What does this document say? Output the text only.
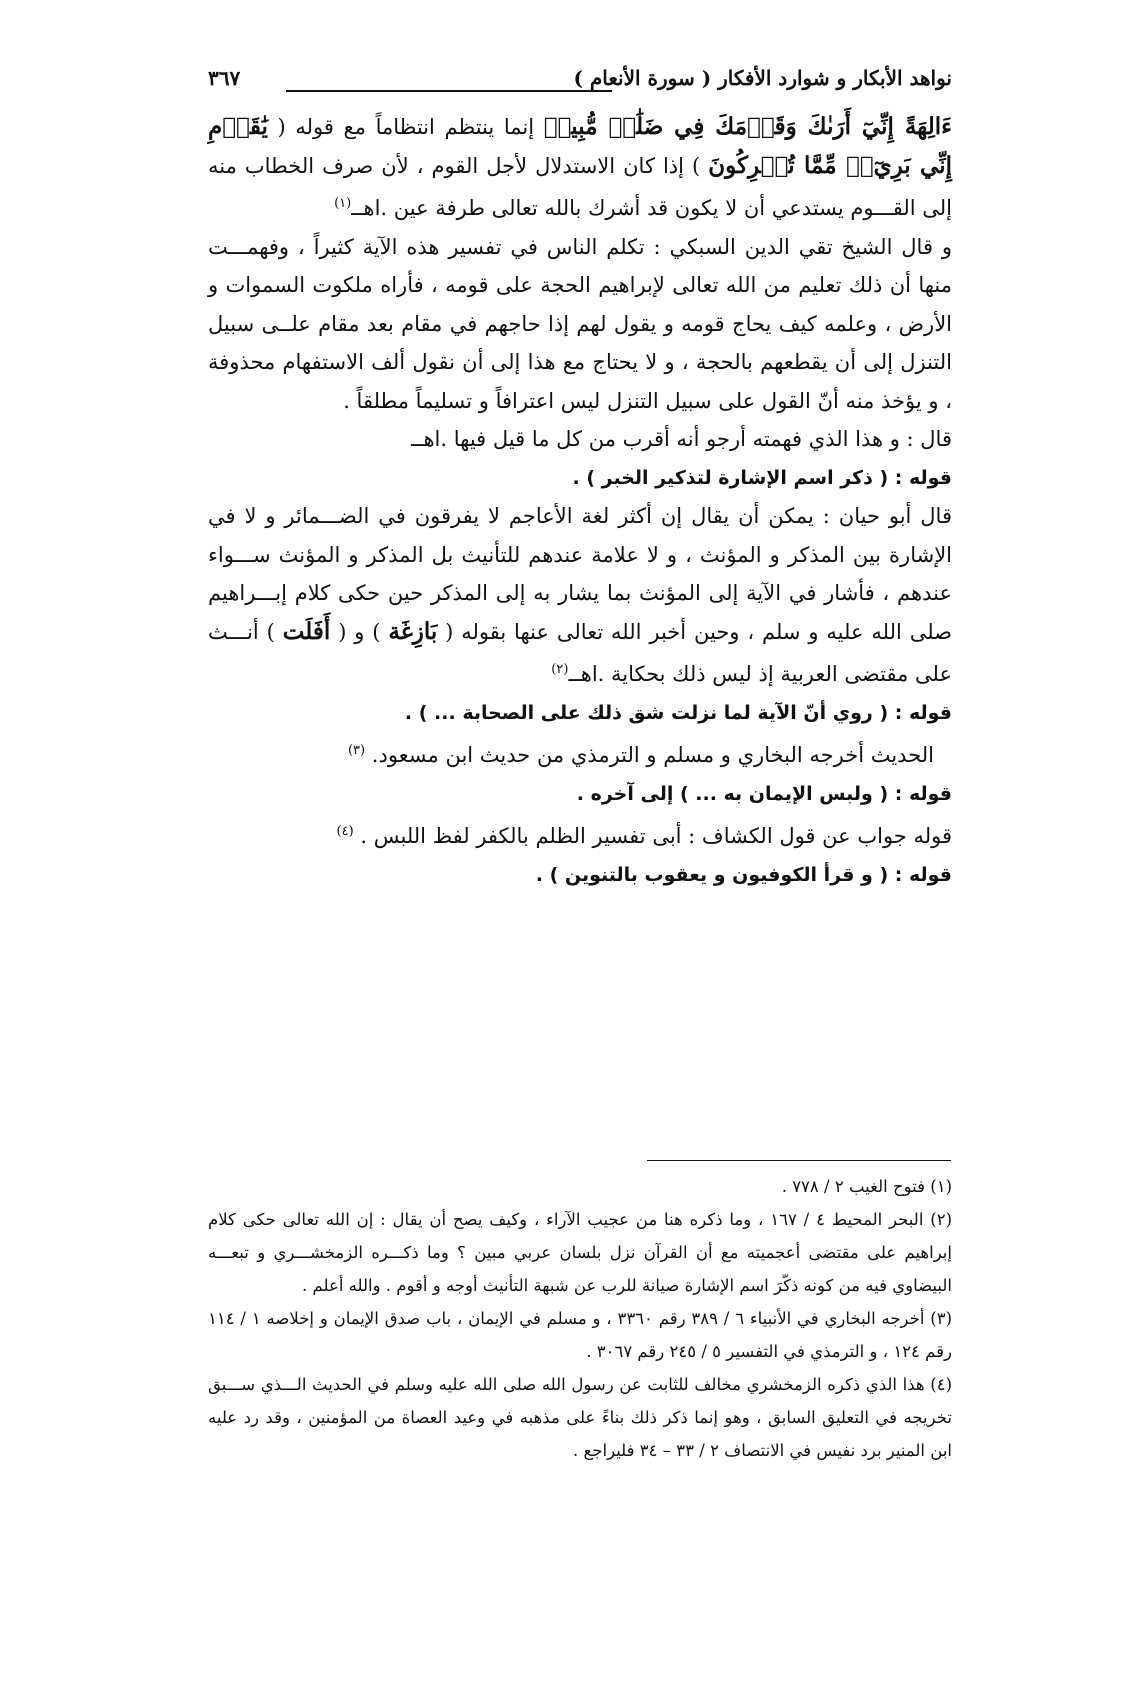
نواهد الأبكار و شوارد الأفكار ( سورة الأنعام )
٣٦٧

ءَالِهَةً إِنِّيٓ أَرَىٰكَ وَقَوۡمَكَ فِي ضَلَٰلٖ مُّبِينٖ إنما ينتظم انتظاماً مع قوله ( يَٰقَوۡمِ إِنِّي بَرِيٓءٞ مِّمَّا تُشۡرِكُونَ ) إذا كان الاستدلال لأجل القوم ، لأن صرف الخطاب منه إلى القـــوم يستدعي أن لا يكون قد أشرك بالله تعالى طرفة عين .اهــ$^{(١)}$

و قال الشيخ تقي الدين السبكي : تكلم الناس في تفسير هذه الآية كثيراً ، وفهمـــت منها أن ذلك تعليم من الله تعالى لإبراهيم الحجة على قومه ، فأراه ملكوت السموات و الأرض ، وعلمه كيف يحاج قومه و يقول لهم إذا حاجهم في مقام بعد مقام علــى سبيل التنزل إلى أن يقطعهم بالحجة ، و لا يحتاج مع هذا إلى أن نقول ألف الاستفهام محذوفة ، و يؤخذ منه أنّ القول على سبيل التنزل ليس اعترافاً و تسليماً مطلقاً .

قال : و هذا الذي فهمته أرجو أنه أقرب من كل ما قيل فيها .اهــ

قوله : ( ذكر اسم الإشارة لتذكير الخبر ) .

قال أبو حيان : يمكن أن يقال إن أكثر لغة الأعاجم لا يفرقون في الضـــمائر و لا في الإشارة بين المذكر و المؤنث ، و لا علامة عندهم للتأنيث بل المذكر و المؤنث ســـواء عندهم ، فأشار في الآية إلى المؤنث بما يشار به إلى المذكر حين حكى كلام إبـــراهيم صلى الله عليه و سلم ، وحين أخبر الله تعالى عنها بقوله ( بَازِغَة ) و ( أَفَلَت ) أنـــث على مقتضى العربية إذ ليس ذلك بحكاية .اهــ$^{(٢)}$

قوله : ( روي أنّ الآية لما نزلت شق ذلك على الصحابة ... ) .

الحديث أخرجه البخاري و مسلم و الترمذي من حديث ابن مسعود. $^{(٣)}$

قوله : ( ولبس الإيمان به ... ) إلى آخره .

قوله جواب عن قول الكشاف : أبى تفسير الظلم بالكفر لفظ اللبس . $^{(٤)}$

قوله : ( و قرأ الكوفيون و يعقوب بالتنوين ) .

(١) فتوح الغيب ٢ / ٧٧٨ .

(٢) البحر المحيط ٤ / ١٦٧ ، وما ذكره هنا من عجيب الآراء ، وكيف يصح أن يقال : إن الله تعالى حكى كلام إبراهيم على مقتضى أعجميته مع أن القرآن نزل بلسان عربي مبين ؟ وما ذكـــره الزمخشـــري و تبعـــه البيضاوي فيه من كونه ذكّرَ اسم الإشارة صيانة للرب عن شبهة التأنيث أوجه و أقوم . والله أعلم .

(٣) أخرجه البخاري في الأنبياء ٦ / ٣٨٩ رقم ٣٣٦٠ ، و مسلم في الإيمان ، باب صدق الإيمان و إخلاصه ١ / ١١٤ رقم ١٢٤ ، و الترمذي في التفسير ٥ / ٢٤٥ رقم ٣٠٦٧ .

(٤) هذا الذي ذكره الزمخشري مخالف للثابت عن رسول الله صلى الله عليه وسلم في الحديث الـــذي ســـبق تخريجه في التعليق السابق ، وهو إنما ذكر ذلك بناءً على مذهبه في وعيد العصاة من المؤمنين ، وقد رد عليه ابن المنير برد نفيس في الانتصاف ٢ / ٣٣ – ٣٤ فليراجع .
